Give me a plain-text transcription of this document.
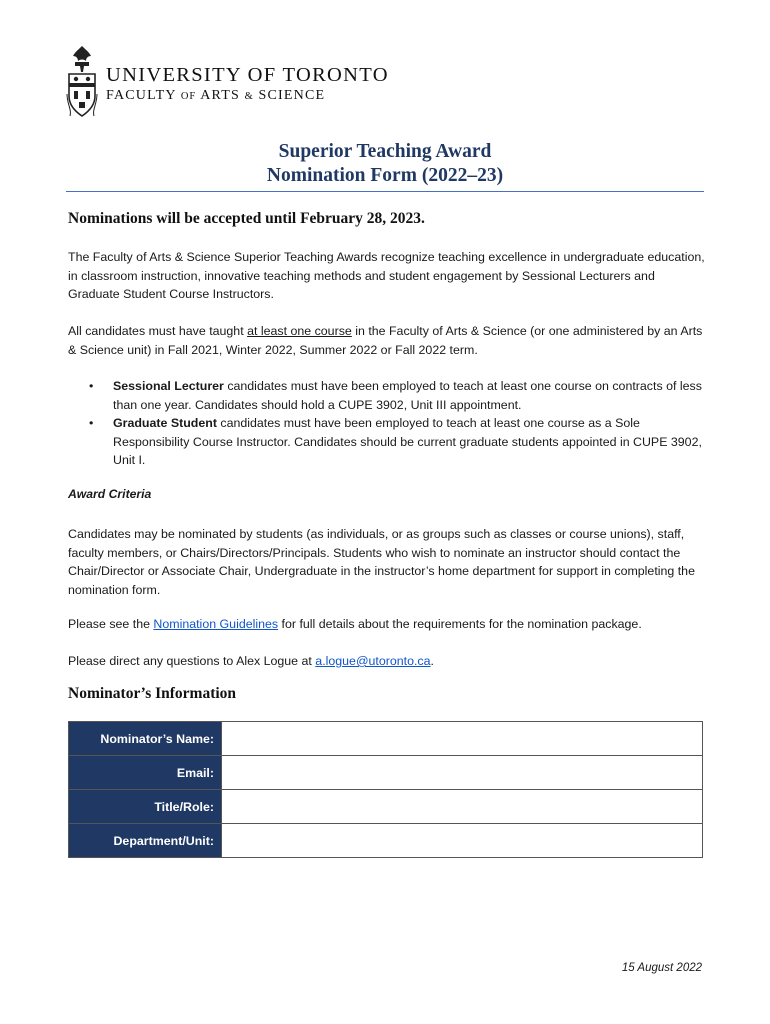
UNIVERSITY OF TORONTO
FACULTY OF ARTS & SCIENCE
Superior Teaching Award
Nomination Form (2022–23)
Nominations will be accepted until February 28, 2023.
The Faculty of Arts & Science Superior Teaching Awards recognize teaching excellence in undergraduate education, in classroom instruction, innovative teaching methods and student engagement by Sessional Lecturers and Graduate Student Course Instructors.
All candidates must have taught at least one course in the Faculty of Arts & Science (or one administered by an Arts & Science unit) in Fall 2021, Winter 2022, Summer 2022 or Fall 2022 term.
• Sessional Lecturer candidates must have been employed to teach at least one course on contracts of less than one year. Candidates should hold a CUPE 3902, Unit III appointment.
• Graduate Student candidates must have been employed to teach at least one course as a Sole Responsibility Course Instructor. Candidates should be current graduate students appointed in CUPE 3902, Unit I.
Award Criteria
Candidates may be nominated by students (as individuals, or as groups such as classes or course unions), staff, faculty members, or Chairs/Directors/Principals. Students who wish to nominate an instructor should contact the Chair/Director or Associate Chair, Undergraduate in the instructor’s home department for support in completing the nomination form.
Please see the Nomination Guidelines for full details about the requirements for the nomination package.
Please direct any questions to Alex Logue at a.logue@utoronto.ca.
Nominator’s Information
Nominator’s Name:	
Email:	
Title/Role:	
Department/Unit:	
15 August 2022
